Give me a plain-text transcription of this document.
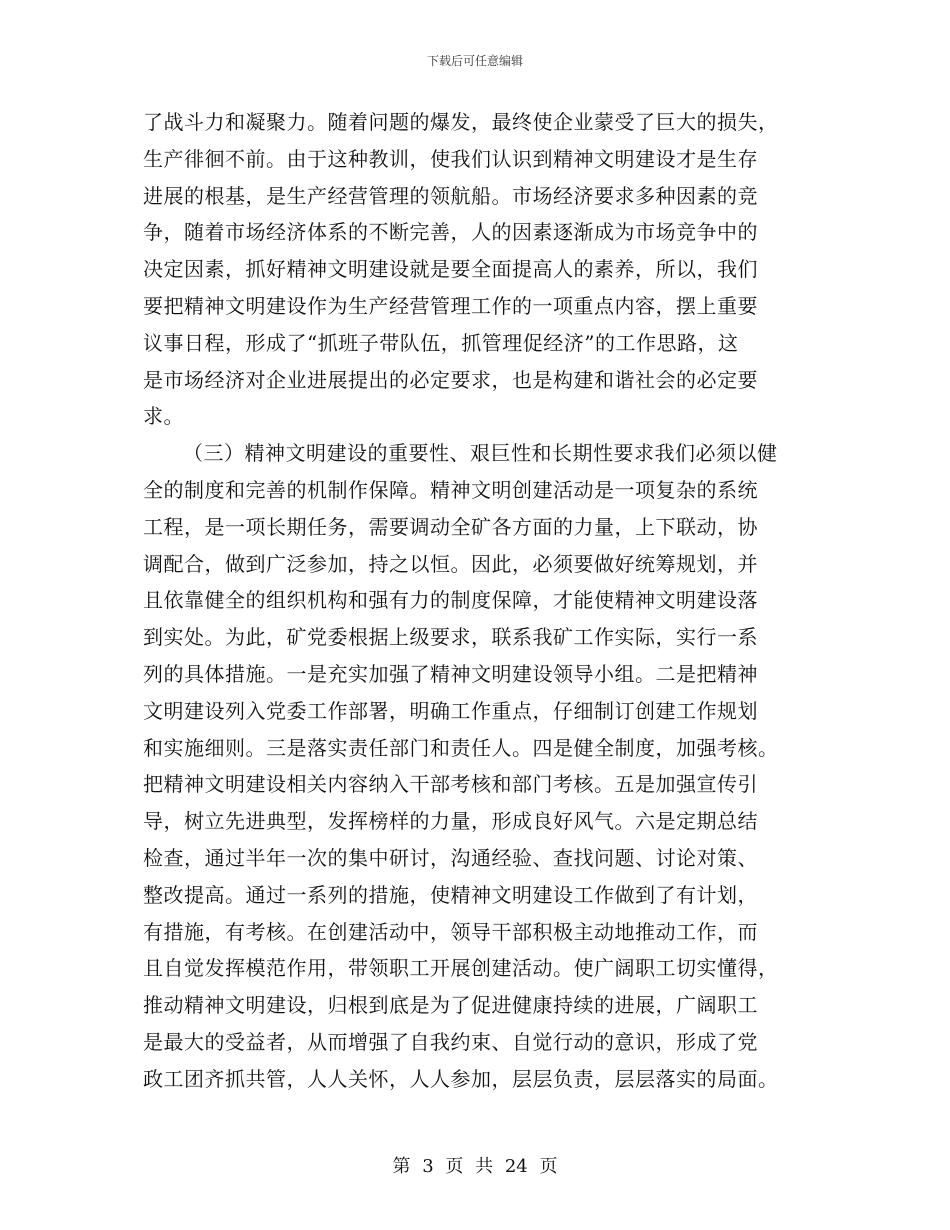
下载后可任意编辑
了战斗力和凝聚力。随着问题的爆发，最终使企业蒙受了巨大的损失，
生产徘徊不前。由于这种教训，使我们认识到精神文明建设才是生存
进展的根基，是生产经营管理的领航船。市场经济要求多种因素的竞
争，随着市场经济体系的不断完善，人的因素逐渐成为市场竞争中的
决定因素，抓好精神文明建设就是要全面提高人的素养，所以，我们
要把精神文明建设作为生产经营管理工作的一项重点内容，摆上重要
议事日程，形成了“抓班子带队伍，抓管理促经济”的工作思路，这
是市场经济对企业进展提出的必定要求，也是构建和谐社会的必定要
求。
（三）精神文明建设的重要性、艰巨性和长期性要求我们必须以健
全的制度和完善的机制作保障。精神文明创建活动是一项复杂的系统
工程，是一项长期任务，需要调动全矿各方面的力量，上下联动，协
调配合，做到广泛参加，持之以恒。因此，必须要做好统筹规划，并
且依靠健全的组织机构和强有力的制度保障，才能使精神文明建设落
到实处。为此，矿党委根据上级要求，联系我矿工作实际，实行一系
列的具体措施。一是充实加强了精神文明建设领导小组。二是把精神
文明建设列入党委工作部署，明确工作重点，仔细制订创建工作规划
和实施细则。三是落实责任部门和责任人。四是健全制度，加强考核。
把精神文明建设相关内容纳入干部考核和部门考核。五是加强宣传引
导，树立先进典型，发挥榜样的力量，形成良好风气。六是定期总结
检查，通过半年一次的集中研讨，沟通经验、查找问题、讨论对策、
整改提高。通过一系列的措施，使精神文明建设工作做到了有计划，
有措施，有考核。在创建活动中，领导干部积极主动地推动工作，而
且自觉发挥模范作用，带领职工开展创建活动。使广阔职工切实懂得，
推动精神文明建设，归根到底是为了促进健康持续的进展，广阔职工
是最大的受益者，从而增强了自我约束、自觉行动的意识，形成了党
政工团齐抓共管，人人关怀，人人参加，层层负责，层层落实的局面。
第 3 页 共 24 页
